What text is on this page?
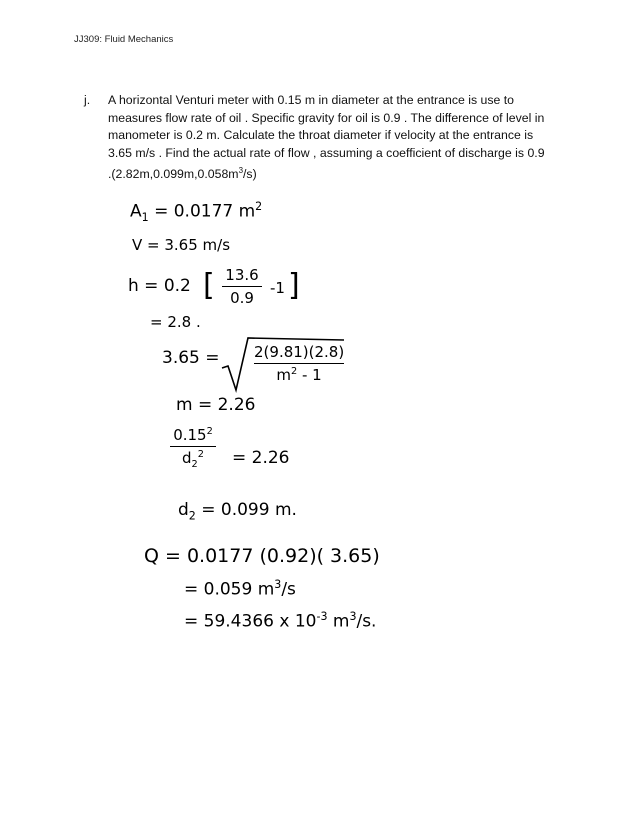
JJ309: Fluid Mechanics
j.	A horizontal Venturi meter with 0.15 m in diameter at the entrance is use to
measures flow rate of oil . Specific gravity for oil is 0.9 . The difference of level in
manometer is 0.2 m. Calculate the throat diameter if velocity at the entrance is
3.65 m/s . Find the actual rate of flow , assuming a coefficient of discharge is 0.9
$.(2.82m,0.099m,0.058m^3/s)$
$A_1 = 0.0177$ $m^2$
V = 3.65 m/s
h = 0.2 [ 13.6
0.9
-1 ]
= 2.8 .
3.65 = 2(9.81)(2.8)
$m^2 - 1$
m = 2.26
0.15$^2$
$d_2^2$	= 2.26
$d_2 = 0.099$ m.
Q = 0.0177 (0.92)( 3.65)
= 0.059 $m^3/s$
= 59.4366 x $10^{-3}$ $m^3/s$.
